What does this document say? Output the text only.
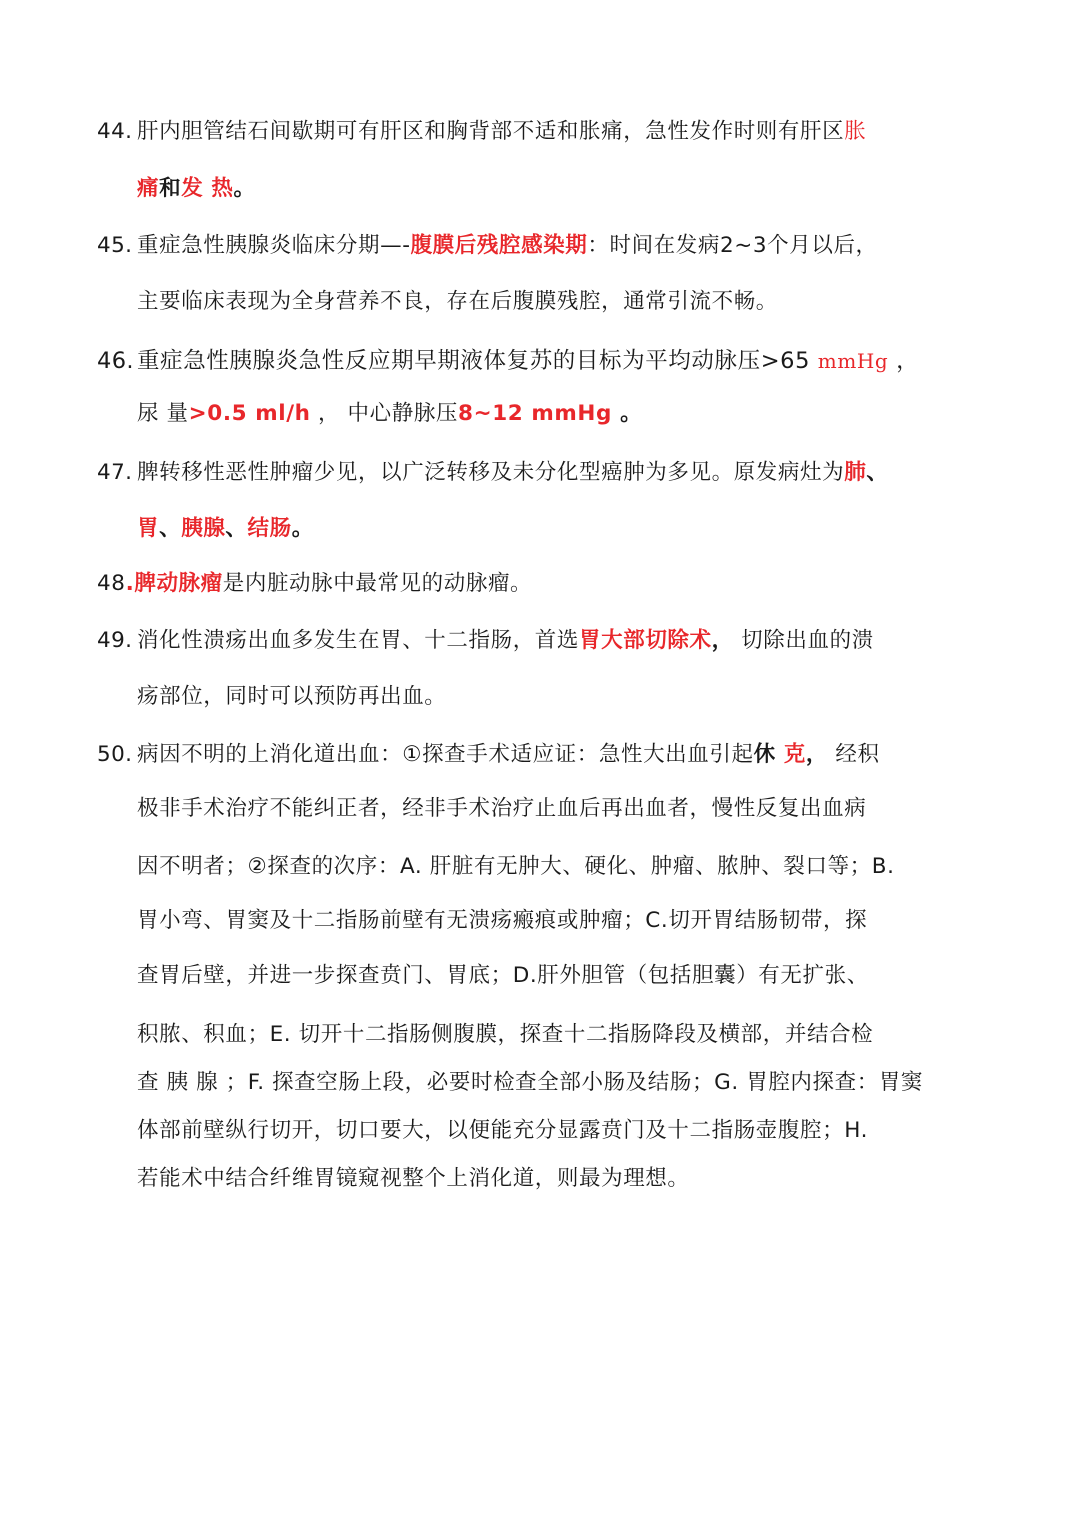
44. 肝内胆管结石间歇期可有肝区和胸背部不适和胀痛，急性发作时则有肝区胀
痛和发 热。
45. 重症急性胰腺炎临床分期—-腹膜后残腔感染期：时间在发病2~3个月以后，
主要临床表现为全身营养不良，存在后腹膜残腔，通常引流不畅。
46. 重症急性胰腺炎急性反应期早期液体复苏的目标为平均动脉压>65 mmHg ，
尿 量>0.5 ml/h ， 中心静脉压8~12 mmHg 。
47. 脾转移性恶性肿瘤少见，以广泛转移及未分化型癌肿为多见。原发病灶为肺、
胃、胰腺、结肠。
48.脾动脉瘤是内脏动脉中最常见的动脉瘤。
49. 消化性溃疡出血多发生在胃、十二指肠，首选胃大部切除术， 切除出血的溃
疡部位，同时可以预防再出血。
50. 病因不明的上消化道出血：①探查手术适应证：急性大出血引起休 克， 经积
极非手术治疗不能纠正者，经非手术治疗止血后再出血者，慢性反复出血病
因不明者；②探查的次序：A. 肝脏有无肿大、硬化、肿瘤、脓肿、裂口等；B.
胃小弯、胃窦及十二指肠前壁有无溃疡瘢痕或肿瘤；C.切开胃结肠韧带，探
查胃后壁，并进一步探查贲门、胃底；D.肝外胆管（包括胆囊）有无扩张、
积脓、积血；E. 切开十二指肠侧腹膜，探查十二指肠降段及横部，并结合检
查 胰 腺 ；F. 探查空肠上段，必要时检查全部小肠及结肠；G. 胃腔内探查：胃窦
体部前壁纵行切开，切口要大，以便能充分显露贲门及十二指肠壶腹腔；H.
若能术中结合纤维胃镜窥视整个上消化道，则最为理想。
